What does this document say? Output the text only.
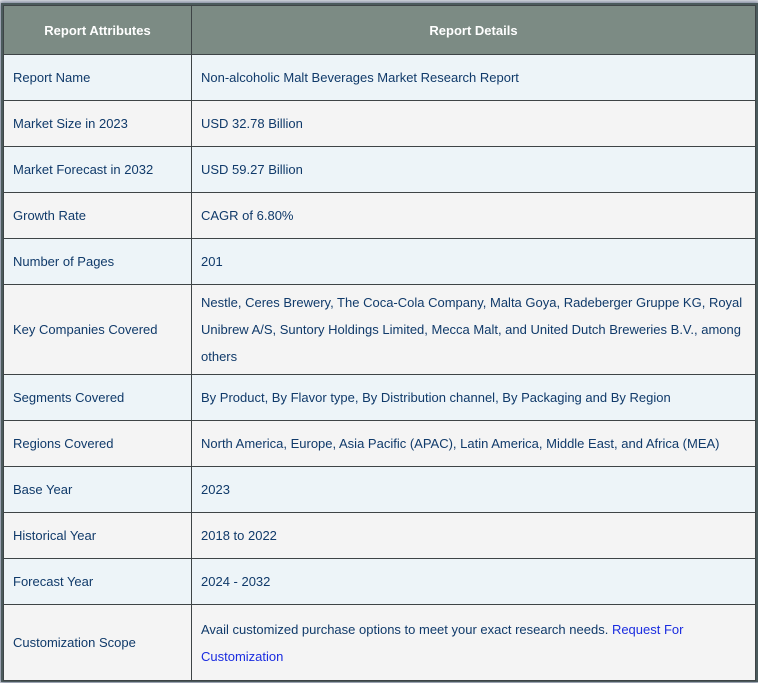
Report Attributes	Report Details
Report Name	Non-alcoholic Malt Beverages Market Research Report
Market Size in 2023	USD 32.78 Billion
Market Forecast in 2032	USD 59.27 Billion
Growth Rate	CAGR of 6.80%
Number of Pages	201
Key Companies Covered	Nestle, Ceres Brewery, The Coca-Cola Company, Malta Goya, Radeberger Gruppe KG, Royal Unibrew A/S, Suntory Holdings Limited, Mecca Malt, and United Dutch Breweries B.V., among others
Segments Covered	By Product, By Flavor type, By Distribution channel, By Packaging and By Region
Regions Covered	North America, Europe, Asia Pacific (APAC), Latin America, Middle East, and Africa (MEA)
Base Year	2023
Historical Year	2018 to 2022
Forecast Year	2024 - 2032
Customization Scope	Avail customized purchase options to meet your exact research needs. Request For Customization
